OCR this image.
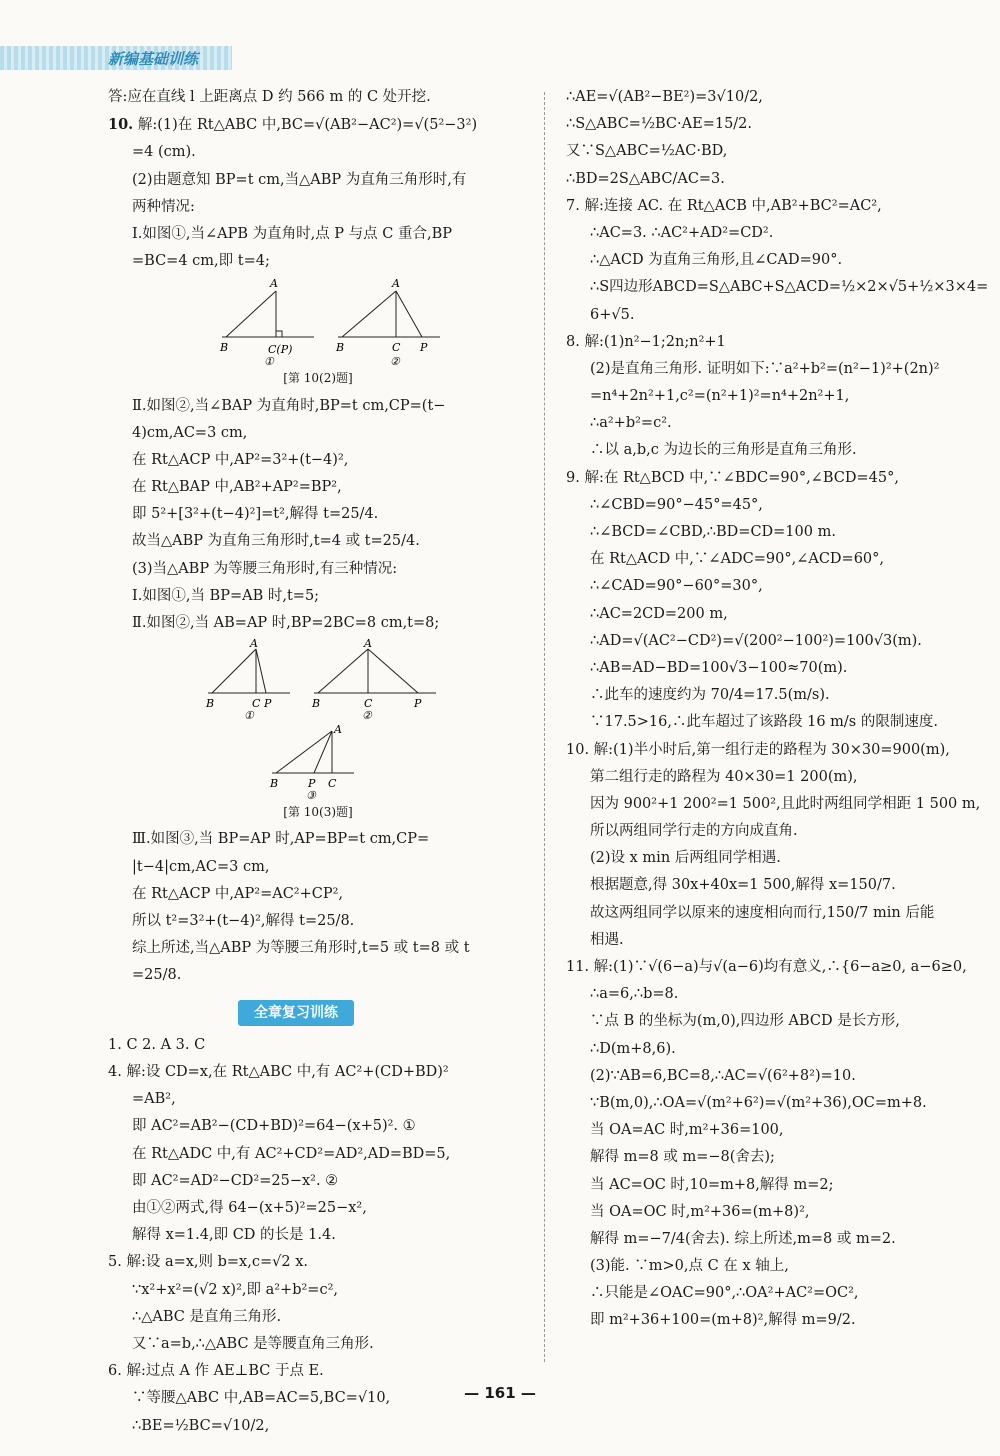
新编基础训练

答:应在直线 l 上距离点 D 约 566 m 的 C 处开挖.

10. 解:(1)在 Rt△ABC 中,BC=√(AB²−AC²)=√(5²−3²)

=4 (cm).

(2)由题意知 BP=t cm,当△ABP 为直角三角形时,有

两种情况:

Ⅰ.如图①,当∠APB 为直角时,点 P 与点 C 重合,BP

=BC=4 cm,即 t=4;

A
B	C(P)
①
A
B	C P
②

[第 10(2)题]

Ⅱ.如图②,当∠BAP 为直角时,BP=t cm,CP=(t−

4)cm,AC=3 cm,

在 Rt△ACP 中,AP²=3²+(t−4)²,

在 Rt△BAP 中,AB²+AP²=BP²,

即 5²+[3²+(t−4)²]=t²,解得 t=25/4.

故当△ABP 为直角三角形时,t=4 或 t=25/4.

(3)当△ABP 为等腰三角形时,有三种情况:

Ⅰ.如图①,当 BP=AB 时,t=5;

Ⅱ.如图②,当 AB=AP 时,BP=2BC=8 cm,t=8;

A
B	C P
①
A
B	C	P
②
A
B	P C
③

[第 10(3)题]

Ⅲ.如图③,当 BP=AP 时,AP=BP=t cm,CP=

|t−4|cm,AC=3 cm,

在 Rt△ACP 中,AP²=AC²+CP²,

所以 t²=3²+(t−4)²,解得 t=25/8.

综上所述,当△ABP 为等腰三角形时,t=5 或 t=8 或 t

=25/8.

全章复习训练

1. C 2. A 3. C

4. 解:设 CD=x,在 Rt△ABC 中,有 AC²+(CD+BD)²

=AB²,

即 AC²=AB²−(CD+BD)²=64−(x+5)². ①

在 Rt△ADC 中,有 AC²+CD²=AD²,AD=BD=5,

即 AC²=AD²−CD²=25−x². ②

由①②两式,得 64−(x+5)²=25−x²,

解得 x=1.4,即 CD 的长是 1.4.

5. 解:设 a=x,则 b=x,c=√2 x.

∵x²+x²=(√2 x)²,即 a²+b²=c²,

∴△ABC 是直角三角形.

又∵a=b,∴△ABC 是等腰直角三角形.

6. 解:过点 A 作 AE⊥BC 于点 E.

∵等腰△ABC 中,AB=AC=5,BC=√10,

∴BE=½BC=√10/2,

∴AE=√(AB²−BE²)=3√10/2,

∴S△ABC=½BC·AE=15/2.

又∵S△ABC=½AC·BD,

∴BD=2S△ABC/AC=3.

7. 解:连接 AC. 在 Rt△ACB 中,AB²+BC²=AC²,

∴AC=3. ∴AC²+AD²=CD².

∴△ACD 为直角三角形,且∠CAD=90°.

∴S四边形ABCD=S△ABC+S△ACD=½×2×√5+½×3×4=

6+√5.

8. 解:(1)n²−1;2n;n²+1

(2)是直角三角形. 证明如下:∵a²+b²=(n²−1)²+(2n)²

=n⁴+2n²+1,c²=(n²+1)²=n⁴+2n²+1,

∴a²+b²=c².

∴以 a,b,c 为边长的三角形是直角三角形.

9. 解:在 Rt△BCD 中,∵∠BDC=90°,∠BCD=45°,

∴∠CBD=90°−45°=45°,

∴∠BCD=∠CBD,∴BD=CD=100 m.

在 Rt△ACD 中,∵∠ADC=90°,∠ACD=60°,

∴∠CAD=90°−60°=30°,

∴AC=2CD=200 m,

∴AD=√(AC²−CD²)=√(200²−100²)=100√3(m).

∴AB=AD−BD=100√3−100≈70(m).

∴此车的速度约为 70/4=17.5(m/s).

∵17.5>16,∴此车超过了该路段 16 m/s 的限制速度.

10. 解:(1)半小时后,第一组行走的路程为 30×30=900(m),

第二组行走的路程为 40×30=1 200(m),

因为 900²+1 200²=1 500²,且此时两组同学相距 1 500 m,

所以两组同学行走的方向成直角.

(2)设 x min 后两组同学相遇.

根据题意,得 30x+40x=1 500,解得 x=150/7.

故这两组同学以原来的速度相向而行,150/7 min 后能

相遇.

11. 解:(1)∵√(6−a)与√(a−6)均有意义,∴{6−a≥0, a−6≥0,

∴a=6,∴b=8.

∵点 B 的坐标为(m,0),四边形 ABCD 是长方形,

∴D(m+8,6).

(2)∵AB=6,BC=8,∴AC=√(6²+8²)=10.

∵B(m,0),∴OA=√(m²+6²)=√(m²+36),OC=m+8.

当 OA=AC 时,m²+36=100,

解得 m=8 或 m=−8(舍去);

当 AC=OC 时,10=m+8,解得 m=2;

当 OA=OC 时,m²+36=(m+8)²,

解得 m=−7/4(舍去). 综上所述,m=8 或 m=2.

(3)能. ∵m>0,点 C 在 x 轴上,

∴只能是∠OAC=90°,∴OA²+AC²=OC²,

即 m²+36+100=(m+8)²,解得 m=9/2.

— 161 —
